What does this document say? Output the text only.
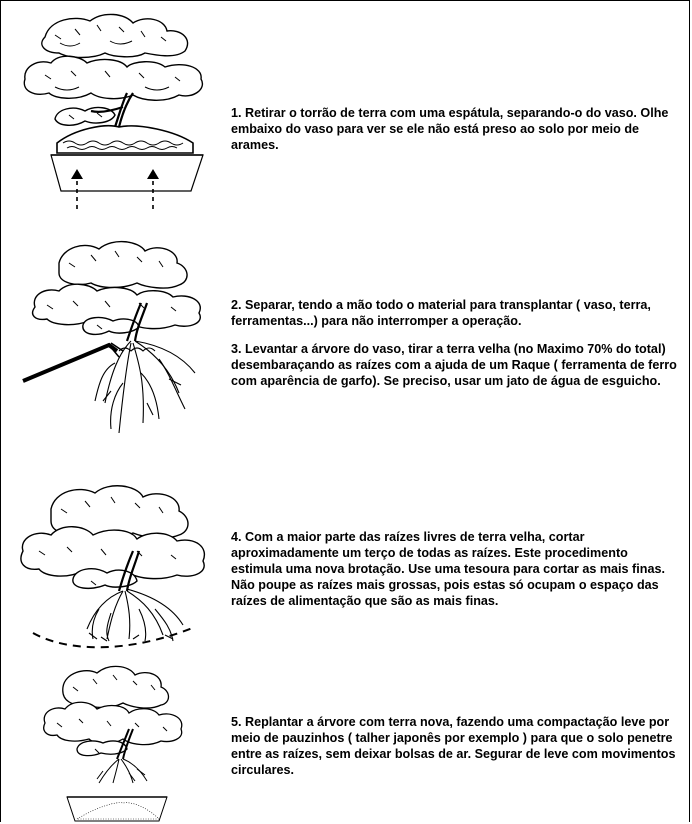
1. Retirar o torrão de terra com uma espátula, separando-o do vaso. Olhe embaixo do vaso para ver se ele não está preso ao solo por meio de arames.
2. Separar, tendo a mão todo o material para transplantar ( vaso, terra, ferramentas...) para não interromper a operação.
3. Levantar a árvore do vaso, tirar a terra velha (no Maximo 70% do total) desembaraçando as raízes com a ajuda de um Raque ( ferramenta de ferro com aparência de garfo). Se preciso, usar um jato de água de esguicho.
4. Com a maior parte das raízes livres de terra velha, cortar aproximadamente um terço de todas as raízes. Este procedimento estimula uma nova brotação. Use uma tesoura para cortar as mais finas. Não poupe as raízes mais grossas, pois estas só ocupam o espaço das raízes de alimentação que são as mais finas.
5. Replantar a árvore com terra nova, fazendo uma compactação leve por meio de pauzinhos ( talher japonês por exemplo ) para que o solo penetre entre as raízes, sem deixar bolsas de ar. Segurar de leve com movimentos circulares.
